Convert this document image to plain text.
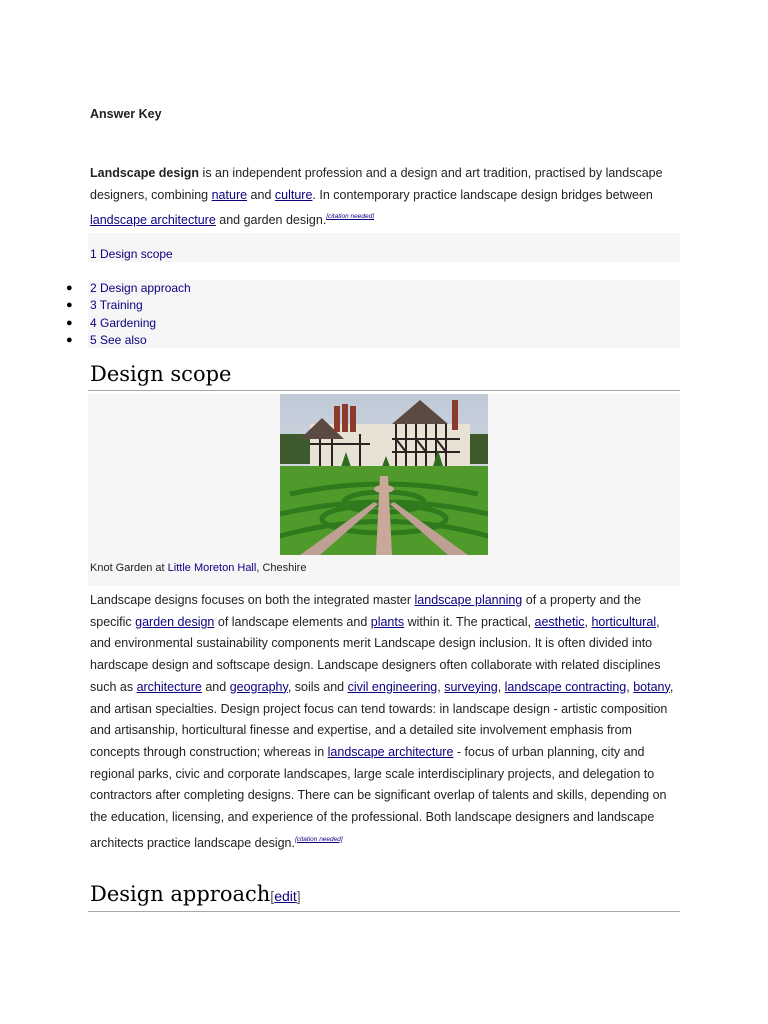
Answer Key

Landscape design is an independent profession and a design and art tradition, practised by landscape designers, combining nature and culture. In contemporary practice landscape design bridges between landscape architecture and garden design.[citation needed]

1 Design scope
● 2 Design approach
● 3 Training
● 4 Gardening
● 5 See also
Design scope
Knot Garden at Little Moreton Hall, Cheshire

Landscape designs focuses on both the integrated master landscape planning of a property and the specific garden design of landscape elements and plants within it. The practical, aesthetic, horticultural, and environmental sustainability components merit Landscape design inclusion. It is often divided into hardscape design and softscape design. Landscape designers often collaborate with related disciplines such as architecture and geography, soils and civil engineering, surveying, landscape contracting, botany, and artisan specialties. Design project focus can tend towards: in landscape design - artistic composition and artisanship, horticultural finesse and expertise, and a detailed site involvement emphasis from concepts through construction; whereas in landscape architecture - focus of urban planning, city and regional parks, civic and corporate landscapes, large scale interdisciplinary projects, and delegation to contractors after completing designs. There can be significant overlap of talents and skills, depending on the education, licensing, and experience of the professional. Both landscape designers and landscape architects practice landscape design.[citation needed]

Design approach[edit]
